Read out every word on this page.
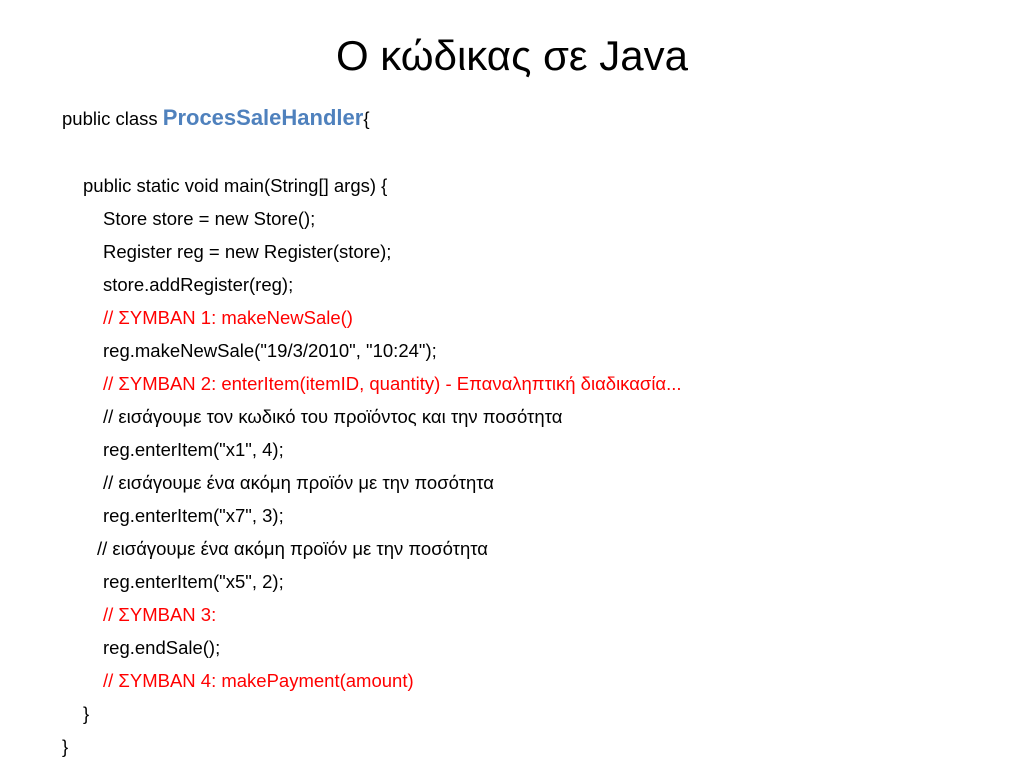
Ο κώδικας σε Java
public class ProcesSaleHandler{
public static void main(String[] args) {
Store store = new Store();
Register reg = new Register(store);
store.addRegister(reg);
// ΣΥΜΒΑΝ 1: makeNewSale()
reg.makeNewSale("19/3/2010", "10:24");
// ΣΥΜΒΑΝ 2: enterItem(itemID, quantity) - Επαναληπτική διαδικασία...
// εισάγουμε τον κωδικό του προϊόντος και την ποσότητα
reg.enterItem("x1", 4);
// εισάγουμε ένα ακόμη προϊόν με την ποσότητα
reg.enterItem("x7", 3);
// εισάγουμε ένα ακόμη προϊόν με την ποσότητα
reg.enterItem("x5", 2);
// ΣΥΜΒΑΝ 3:
reg.endSale();
// ΣΥΜΒΑΝ 4: makePayment(amount)
}
}
